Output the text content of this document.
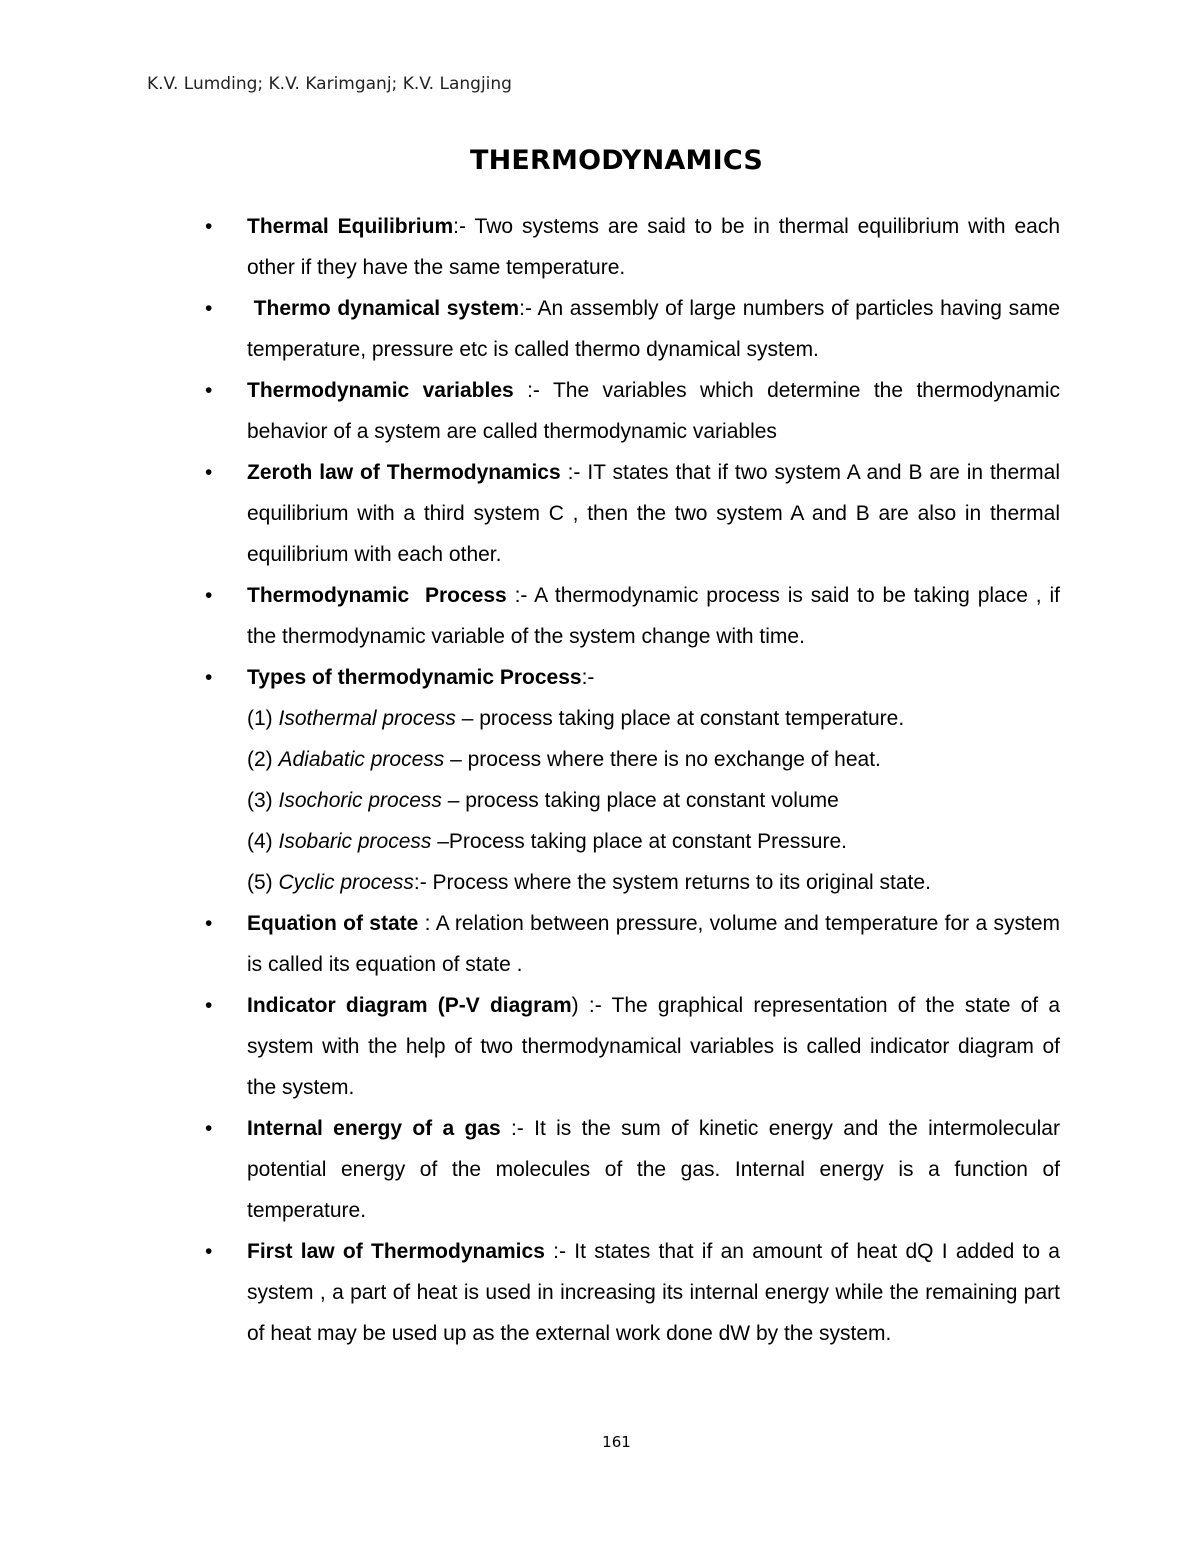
K.V. Lumding; K.V. Karimganj; K.V. Langjing
THERMODYNAMICS
•
Thermal Equilibrium:- Two systems are said to be in thermal equilibrium with each other if they have the same temperature.
•
Thermo dynamical system:- An assembly of large numbers of particles having same temperature, pressure etc is called thermo dynamical system.
•
Thermodynamic variables :- The variables which determine the thermodynamic behavior of a system are called thermodynamic variables
•
Zeroth law of Thermodynamics :- IT states that if two system A and B are in thermal equilibrium with a third system C , then the two system A and B are also in thermal equilibrium with each other.
•
Thermodynamic  Process :- A thermodynamic process is said to be taking place , if the thermodynamic variable of the system change with time.
•
Types of thermodynamic Process:-
(1) Isothermal process – process taking place at constant temperature.
(2) Adiabatic process – process where there is no exchange of heat.
(3) Isochoric process – process taking place at constant volume
(4) Isobaric process –Process taking place at constant Pressure.
(5) Cyclic process:- Process where the system returns to its original state.
•
Equation of state : A relation between pressure, volume and temperature for a system is called its equation of state .
•
Indicator diagram (P-V diagram) :- The graphical representation of the state of a system with the help of two thermodynamical variables is called indicator diagram of the system.
•
Internal energy of a gas :- It is the sum of kinetic energy and the intermolecular potential energy of the molecules of the gas. Internal energy is a function of temperature.
•
First law of Thermodynamics :- It states that if an amount of heat dQ I added to a system , a part of heat is used in increasing its internal energy while the remaining part of heat may be used up as the external work done dW by the system.
161
